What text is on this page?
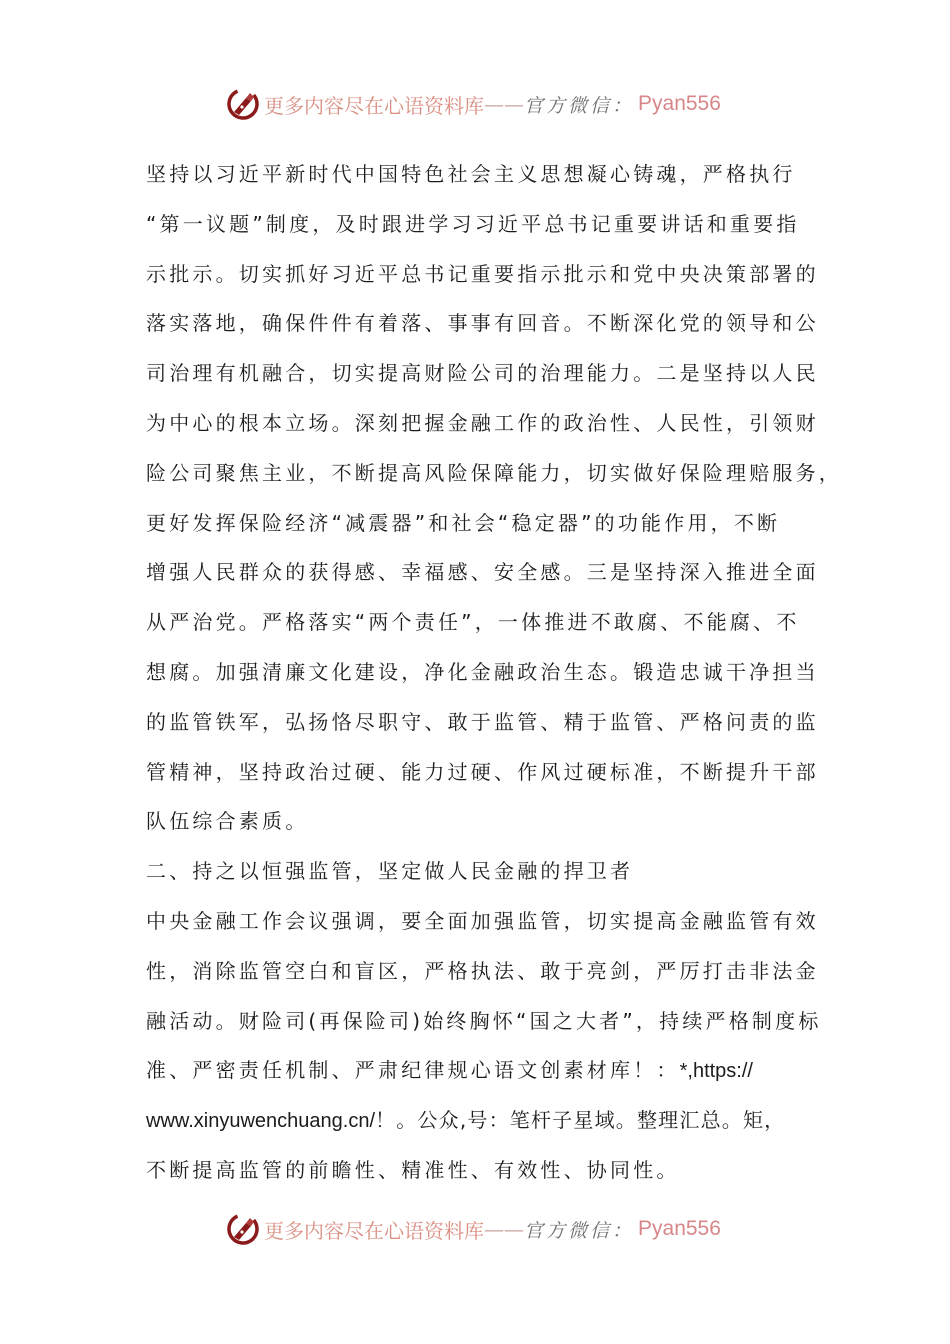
更多内容尽在心语资料库 —— 官方微信： Pyan556
坚持以习近平新时代中国特色社会主义思想凝心铸魂，严格执行
“第一议题”制度，及时跟进学习习近平总书记重要讲话和重要指
示批示。切实抓好习近平总书记重要指示批示和党中央决策部署的
落实落地，确保件件有着落、事事有回音。不断深化党的领导和公
司治理有机融合，切实提高财险公司的治理能力。二是坚持以人民
为中心的根本立场。深刻把握金融工作的政治性、人民性，引领财
险公司聚焦主业，不断提高风险保障能力，切实做好保险理赔服务，
更好发挥保险经济“减震器”和社会“稳定器”的功能作用，不断
增强人民群众的获得感、幸福感、安全感。三是坚持深入推进全面
从严治党。严格落实“两个责任”，一体推进不敢腐、不能腐、不
想腐。加强清廉文化建设，净化金融政治生态。锻造忠诚干净担当
的监管铁军，弘扬恪尽职守、敢于监管、精于监管、严格问责的监
管精神，坚持政治过硬、能力过硬、作风过硬标准，不断提升干部
队伍综合素质。
二、持之以恒强监管，坚定做人民金融的捍卫者
中央金融工作会议强调，要全面加强监管，切实提高金融监管有效
性，消除监管空白和盲区，严格执法、敢于亮剑，严厉打击非法金
融活动。财险司(再保险司)始终胸怀“国之大者”，持续严格制度标
准、严密责任机制、严肃纪律规心语文创素材库！：*,https://
www.xinyuwenchuang.cn/！。公众,号：笔杆子星域。整理汇总。矩，
不断提高监管的前瞻性、精准性、有效性、协同性。
更多内容尽在心语资料库 —— 官方微信： Pyan556
